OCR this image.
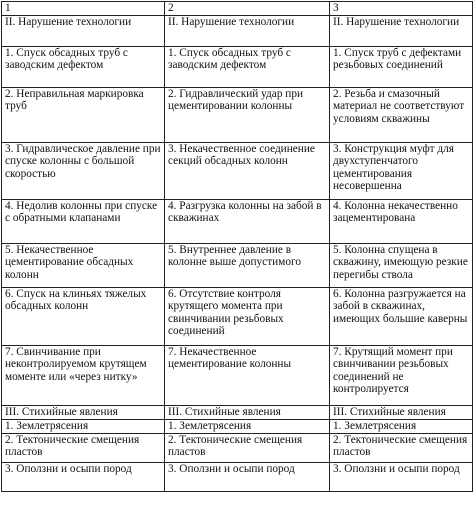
1	2	3
II. Нарушение технологии	II. Нарушение технологии	II. Нарушение технологии
1. Спуск обсадных труб с заводским дефектом	1. Спуск обсадных труб с заводским дефектом	1. Спуск труб с дефектами резьбовых соединений
2. Неправильная маркировка труб	2. Гидравлический удар при цементировании колонны	2. Резьба и смазочный материал не соответствуют условиям скважины
3. Гидравлическое давление при спуске колонны с большой скоростью	3. Некачественное соединение секций обсадных колонн	3. Конструкция муфт для двухступенчатого цементирования несовершенна
4. Недолив колонны при спуске с обратными клапанами	4. Разгрузка колонны на забой в скважинах	4. Колонна некачественно зацементирована
5. Некачественное цементирование обсадных колонн	5. Внутреннее давление в колонне выше допустимого	5. Колонна спущена в скважину, имеющую резкие перегибы ствола
6. Спуск на клиньях тяжелых обсадных колонн	6. Отсутствие контроля крутящего момента при свинчивании резьбовых соединений	6. Колонна разгружается на забой в скважинах, имеющих большие каверны
7. Свинчивание при неконтролируемом крутящем моменте или «через нитку»	7. Некачественное цементирование колонны	7. Крутящий момент при свинчивании резьбовых соединений не контролируется
III. Стихийные явления	III. Стихийные явления	III. Стихийные явления
1. Землетрясения	1. Землетрясения	1. Землетрясения
2. Тектонические смещения пластов	2. Тектонические смещения пластов	2. Тектонические смещения пластов
3. Оползни и осыпи пород	3. Оползни и осыпи пород	3. Оползни и осыпи пород
